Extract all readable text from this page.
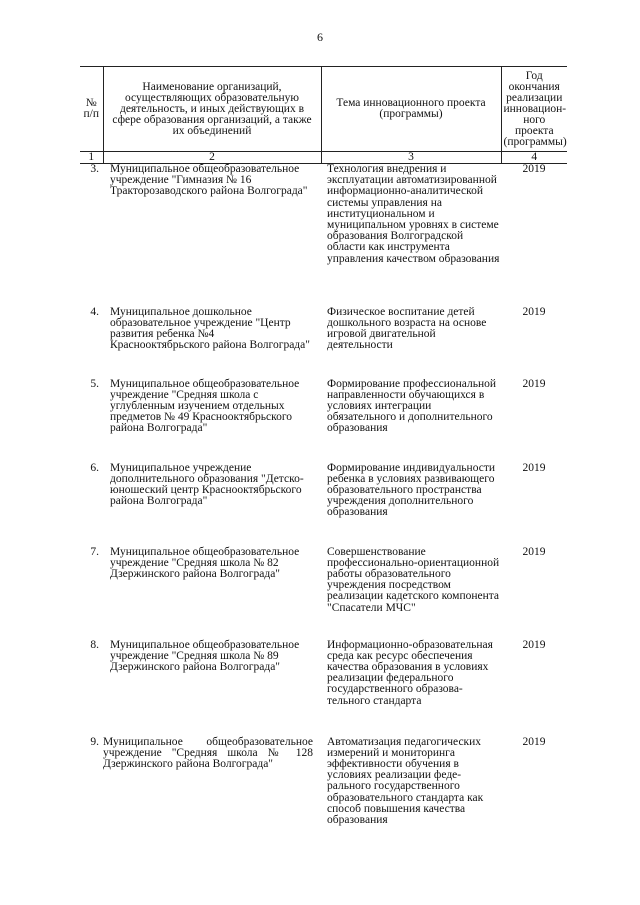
6
№ п/п	Наименование организаций, осуществляющих образовательную деятельность, и иных действующих в сфере образования организаций, а также их объединений	Тема инновационного проекта (программы)	Год окончания реализации инновацион-ного проекта (программы)
1	2	3	4
3.	Муниципальное общеобразовательное учреждение "Гимназия № 16 Тракторозаводского района Волгограда"	Технология внедрения и эксплуатации автоматизированной информационно-аналитической системы управления на институциональном и муниципальном уровнях в системе образования Волгоградской области как инструмента управления качеством образования	2019
4.	Муниципальное дошкольное образовательное учреждение "Центр развития ребенка №4 Краснооктябрьского района Волгограда"	Физическое воспитание детей дошкольного возраста на основе игровой двигательной деятельности	2019
5.	Муниципальное общеобразовательное учреждение "Средняя школа с углубленным изучением отдельных предметов № 49 Краснооктябрьского района Волгограда"	Формирование профессиональной направленности обучающихся в условиях интеграции обязательного и дополнительного образования	2019
6.	Муниципальное учреждение дополнительного образования "Детско-юношеский центр Краснооктябрьского района Волгограда"	Формирование индивидуальности ребенка в условиях развивающего образовательного пространства учреждения дополнительного образования	2019
7.	Муниципальное общеобразовательное учреждение "Средняя школа № 82 Дзержинского района Волгограда"	Совершенствование профессионально-ориентационной работы образовательного учреждения посредством реализации кадетского компонента "Спасатели МЧС"	2019
8.	Муниципальное общеобразовательное учреждение "Средняя школа № 89 Дзержинского района Волгограда"	Информационно-образовательная среда как ресурс обеспечения качества образования в условиях реализации федерального государственного образова-тельного стандарта	2019
9.	Муниципальное общеобразовательное учреждение "Средняя школа № 128 Дзержинского района Волгограда"	Автоматизация педагогических измерений и мониторинга эффективности обучения в условиях реализации феде-рального государственного образовательного стандарта как способ повышения качества образования	2019
